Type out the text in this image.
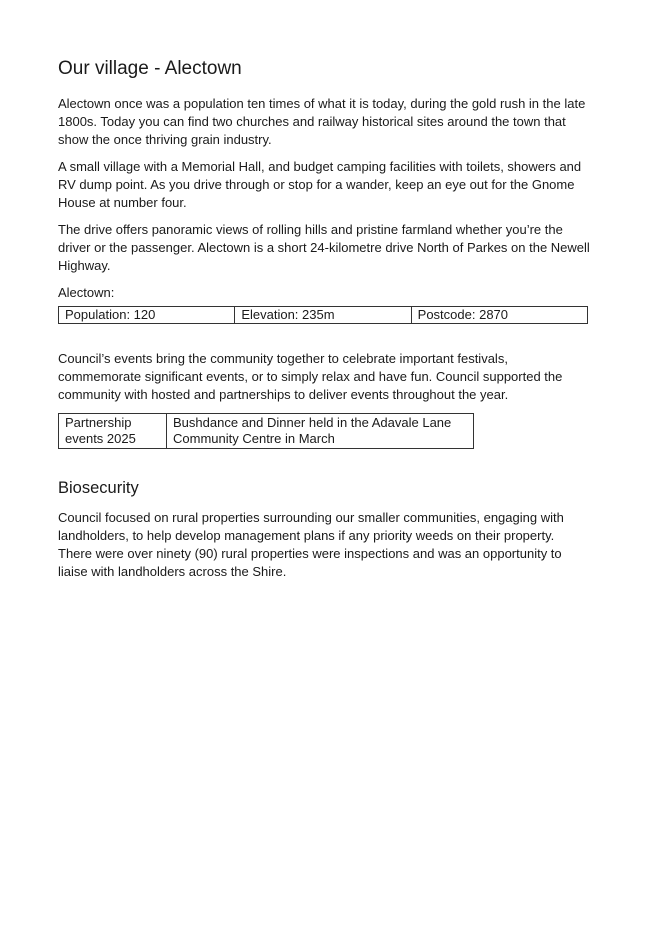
Our village - Alectown

Alectown once was a population ten times of what it is today, during the gold rush in the late 1800s. Today you can find two churches and railway historical sites around the town that show the once thriving grain industry.

A small village with a Memorial Hall, and budget camping facilities with toilets, showers and RV dump point. As you drive through or stop for a wander, keep an eye out for the Gnome House at number four.

The drive offers panoramic views of rolling hills and pristine farmland whether you’re the driver or the passenger. Alectown is a short 24-kilometre drive North of Parkes on the Newell Highway.

Alectown:
Population: 120	Elevation: 235m	Postcode: 2870

Council’s events bring the community together to celebrate important festivals, commemorate significant events, or to simply relax and have fun. Council supported the community with hosted and partnerships to deliver events throughout the year.

Partnership events 2025	Bushdance and Dinner held in the Adavale Lane Community Centre in March
Biosecurity

Council focused on rural properties surrounding our smaller communities, engaging with landholders, to help develop management plans if any priority weeds on their property. There were over ninety (90) rural properties were inspections and was an opportunity to liaise with landholders across the Shire.
